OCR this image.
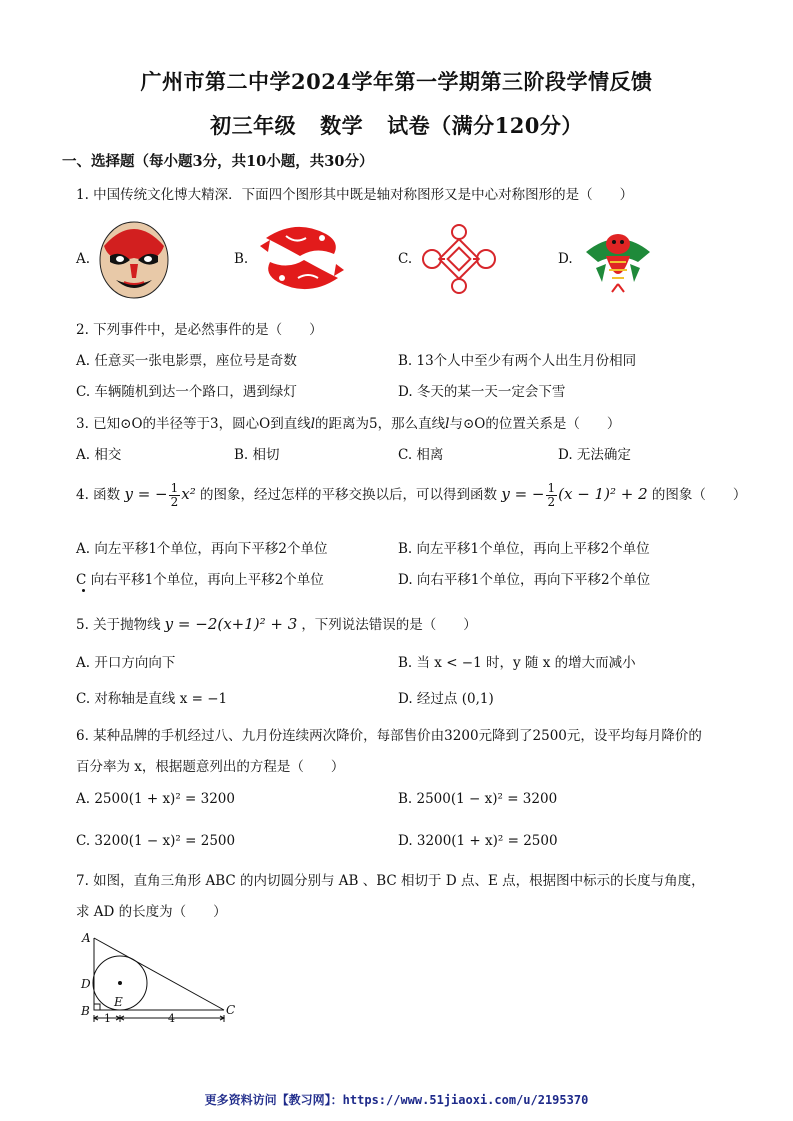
广州市第二中学2024学年第一学期第三阶段学情反馈
初三年级 数学 试卷（满分120分）
一、选择题（每小题3分，共10小题，共30分）
1. 中国传统文化博大精深．下面四个图形其中既是轴对称图形又是中心对称图形的是（　　）
A.	B.	C.	D.
2. 下列事件中，是必然事件的是（　　）
A. 任意买一张电影票，座位号是奇数	B. 13个人中至少有两个人出生月份相同
C. 车辆随机到达一个路口，遇到绿灯	D. 冬天的某一天一定会下雪
3. 已知⊙O的半径等于3，圆心O到直线l的距离为5，那么直线l与⊙O的位置关系是（　　）
A. 相交	B. 相切	C. 相离	D. 无法确定
4. 函数 y = − $\frac{1}{2} x^2$ 的图象，经过怎样的平移交换以后，可以得到函数 y = − $\frac{1}{2} (x - 1)^2 + 2$ 的图象（　　）
A. 向左平移1个单位，再向下平移2个单位	B. 向左平移1个单位，再向上平移2个单位
C 向右平移1个单位，再向上平移2个单位	D. 向右平移1个单位，再向下平移2个单位
5. 关于抛物线 y = −2(x+1)² + 3 ，下列说法错误的是（　　）
A. 开口方向向下	B. 当 x < −1 时，y 随 x 的增大而减小
C. 对称轴是直线 x = −1	D. 经过点 (0,1)
6. 某种品牌的手机经过八、九月份连续两次降价，每部售价由3200元降到了2500元，设平均每月降价的
百分率为 x，根据题意列出的方程是（　　）
A. 2500(1 + x)² = 3200	B. 2500(1 − x)² = 3200
C. 3200(1 − x)² = 2500	D. 3200(1 + x)² = 2500
7. 如图，直角三角形 ABC 的内切圆分别与 AB 、BC 相切于 D 点、E 点，根据图中标示的长度与角度，
求 AD 的长度为（　　）
A
D
B
E
C
1	4
更多资料访问【教习网】：https://www.51jiaoxi.com/u/2195370
